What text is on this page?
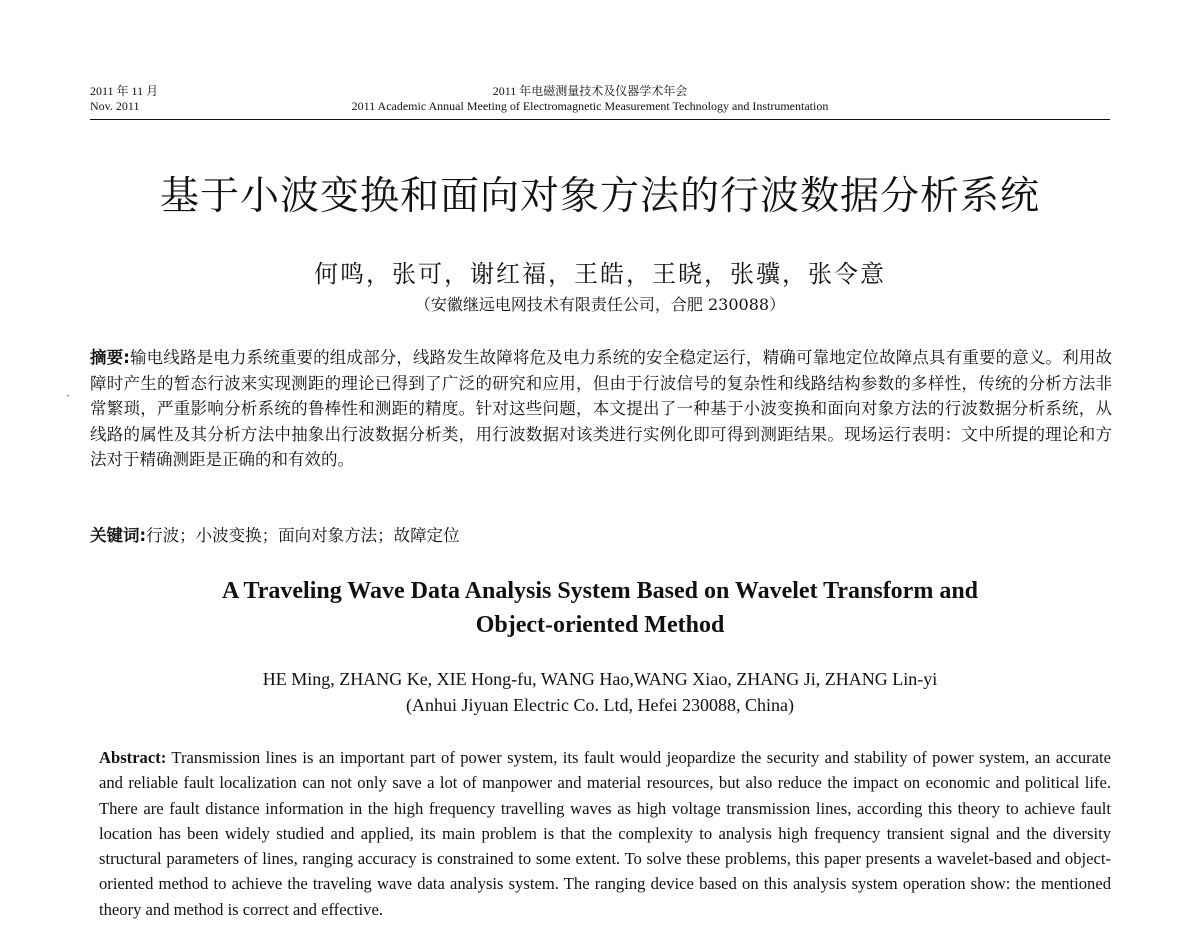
2011 年 11 月
Nov. 2011
2011 年电磁测量技术及仪器学术年会
2011 Academic Annual Meeting of Electromagnetic Measurement Technology and Instrumentation
基于小波变换和面向对象方法的行波数据分析系统
何鸣，张可，谢红福，王皓，王晓，张骥，张令意
（安徽继远电网技术有限责任公司，合肥 230088）
·
摘要:输电线路是电力系统重要的组成部分，线路发生故障将危及电力系统的安全稳定运行，精确可靠地定位故障点具有重要的意义。利用故障时产生的暂态行波来实现测距的理论已得到了广泛的研究和应用，但由于行波信号的复杂性和线路结构参数的多样性，传统的分析方法非常繁琐，严重影响分析系统的鲁棒性和测距的精度。针对这些问题，本文提出了一种基于小波变换和面向对象方法的行波数据分析系统，从线路的属性及其分析方法中抽象出行波数据分析类，用行波数据对该类进行实例化即可得到测距结果。现场运行表明：文中所提的理论和方法对于精确测距是正确的和有效的。
关键词:行波；小波变换；面向对象方法；故障定位
A Traveling Wave Data Analysis System Based on Wavelet Transform and
Object-oriented Method
HE Ming, ZHANG Ke, XIE Hong-fu, WANG Hao,WANG Xiao, ZHANG Ji, ZHANG Lin-yi
(Anhui Jiyuan Electric Co. Ltd, Hefei 230088, China)
Abstract: Transmission lines is an important part of power system, its fault would jeopardize the security and stability of power system, an accurate and reliable fault localization can not only save a lot of manpower and material resources, but also reduce the impact on economic and political life. There are fault distance information in the high frequency travelling waves as high voltage transmission lines, according this theory to achieve fault location has been widely studied and applied, its main problem is that the complexity to analysis high frequency transient signal and the diversity structural parameters of lines, ranging accuracy is constrained to some extent. To solve these problems, this paper presents a wavelet-based and object-oriented method to achieve the traveling wave data analysis system. The ranging device based on this analysis system operation show: the mentioned theory and method is correct and effective.
